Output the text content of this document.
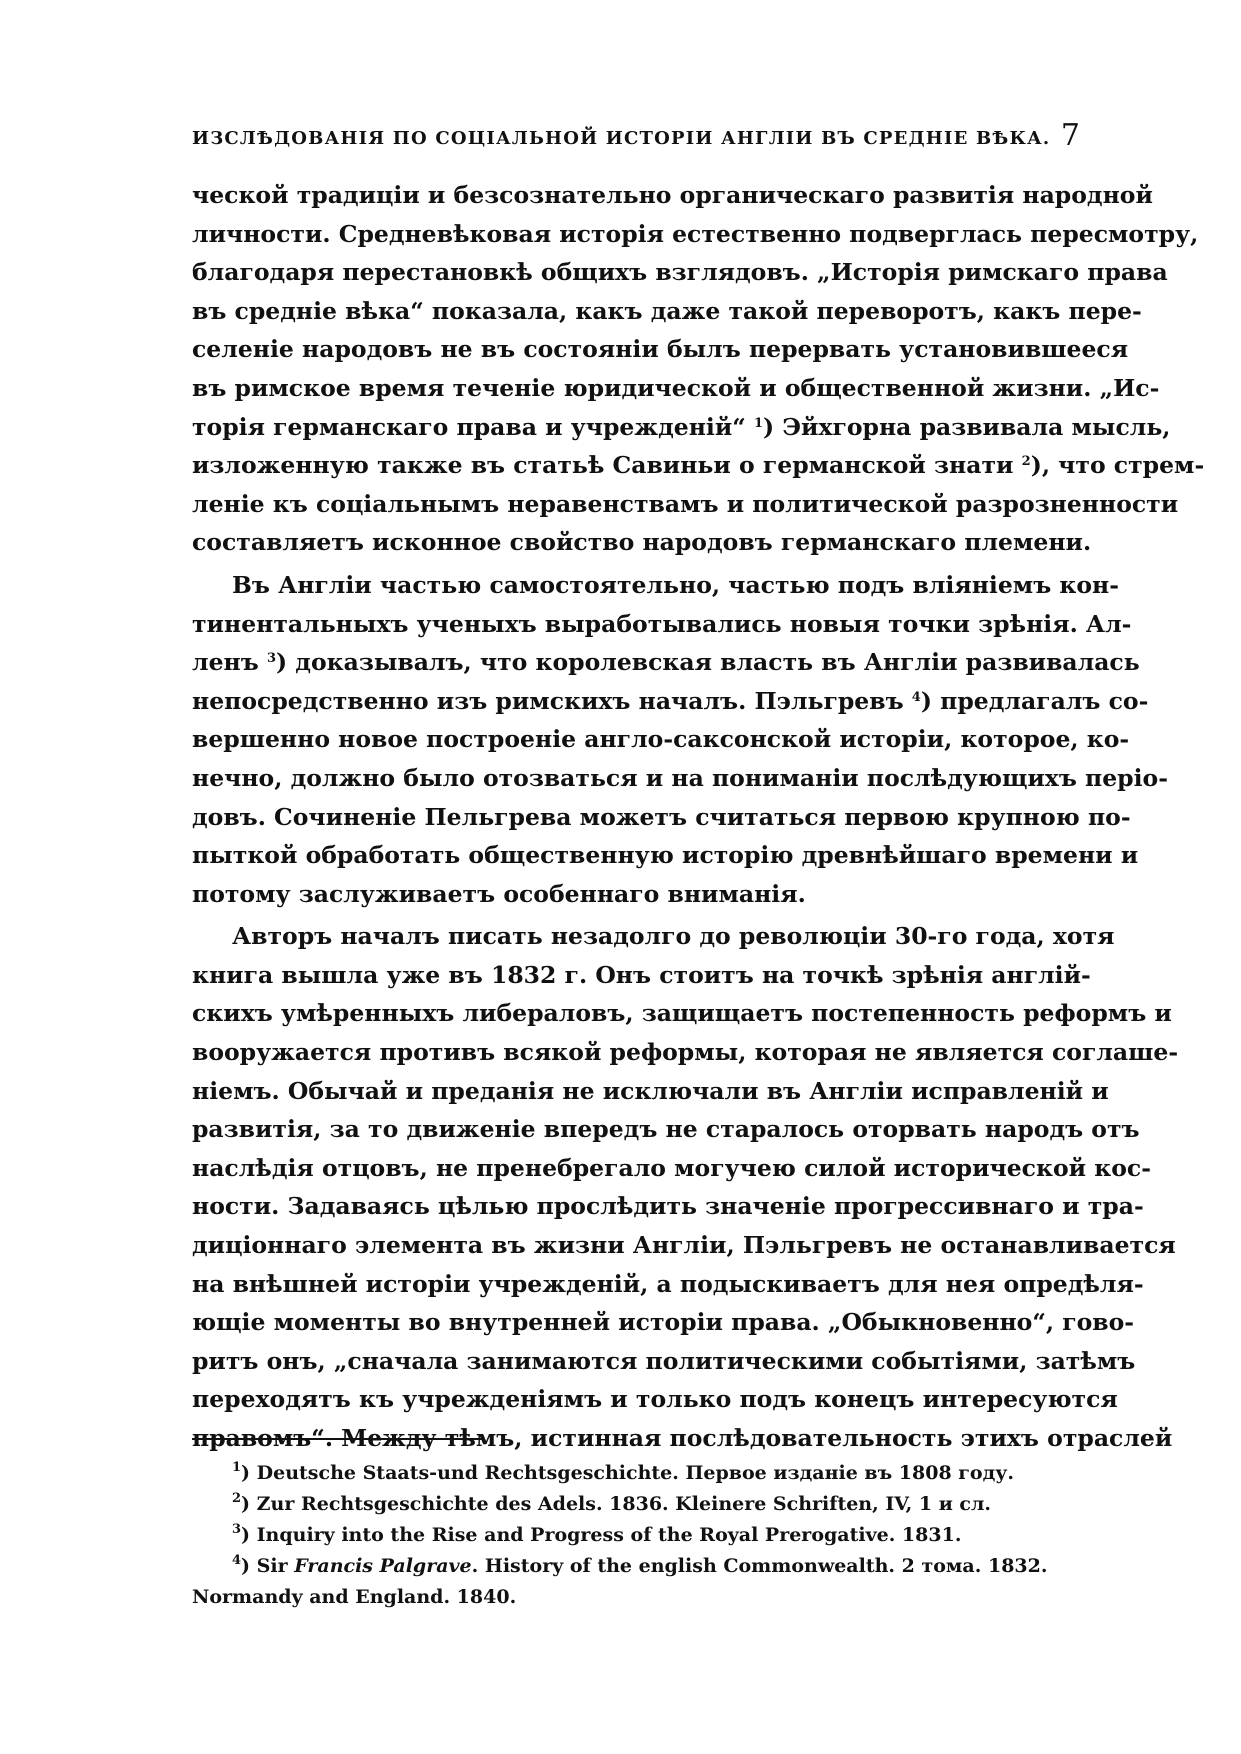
ИЗСЛѢДОВАНІЯ ПО СОЦІАЛЬНОЙ ИСТОРІИ АНГЛІИ ВЪ СРЕДНІЕ ВѢКА. 7
ческой традиціи и безсознательно органическаго развитія народной
личности. Средневѣковая исторія естественно подверглась пересмотру,
благодаря перестановкѣ общихъ взглядовъ. „Исторія римскаго права
въ средніе вѣка“ показала, какъ даже такой переворотъ, какъ пере-
селеніе народовъ не въ состояніи былъ перервать установившееся
въ римское время теченіе юридической и общественной жизни. „Ис-
торія германскаго права и учрежденій“ $^1$) Эйхгорна развивала мысль,
изложенную также въ статьѣ Савиньи о германской знати $^2$), что стрем-
леніе къ соціальнымъ неравенствамъ и политической разрозненности
составляетъ исконное свойство народовъ германскаго племени.
Въ Англіи частью самостоятельно, частью подъ вліяніемъ кон-
тинентальныхъ ученыхъ выработывались новыя точки зрѣнія. Ал-
ленъ $^3$) доказывалъ, что королевская власть въ Англіи развивалась
непосредственно изъ римскихъ началъ. Пэльгревъ $^4$) предлагалъ со-
вершенно новое построеніе англо-саксонской исторіи, которое, ко-
нечно, должно было отозваться и на пониманіи послѣдующихъ періо-
довъ. Сочиненіе Пельгрева можетъ считаться первою крупною по-
пыткой обработать общественную исторію древнѣйшаго времени и
потому заслуживаетъ особеннаго вниманія.
Авторъ началъ писать незадолго до революціи 30-го года, хотя
книга вышла уже въ 1832 г. Онъ стоитъ на точкѣ зрѣнія англій-
скихъ умѣренныхъ либераловъ, защищаетъ постепенность реформъ и
вооружается противъ всякой реформы, которая не является соглаше-
ніемъ. Обычай и преданія не исключали въ Англіи исправленій и
развитія, за то движеніе впередъ не старалось оторвать народъ отъ
наслѣдія отцовъ, не пренебрегало могучею силой исторической кос-
ности. Задаваясь цѣлью прослѣдить значеніе прогрессивнаго и тра-
диціоннаго элемента въ жизни Англіи, Пэльгревъ не останавливается
на внѣшней исторіи учрежденій, а подыскиваетъ для нея опредѣля-
ющіе моменты во внутренней исторіи права. „Обыкновенно“, гово-
ритъ онъ, „сначала занимаются политическими событіями, затѣмъ
переходятъ къ учрежденіямъ и только подъ конецъ интересуются
правомъ“. Между тѣмъ, истинная послѣдовательность этихъ отраслей
$^1$) Deutsche Staats-und Rechtsgeschichte. Первое изданіе въ 1808 году.
$^2$) Zur Rechtsgeschichte des Adels. 1836. Kleinere Schriften, IV, 1 и сл.
$^3$) Inquiry into the Rise and Progress of the Royal Prerogative. 1831.
$^4$) Sir Francis Palgrave. History of the english Commonwealth. 2 тома. 1832.
Normandy and England. 1840.
